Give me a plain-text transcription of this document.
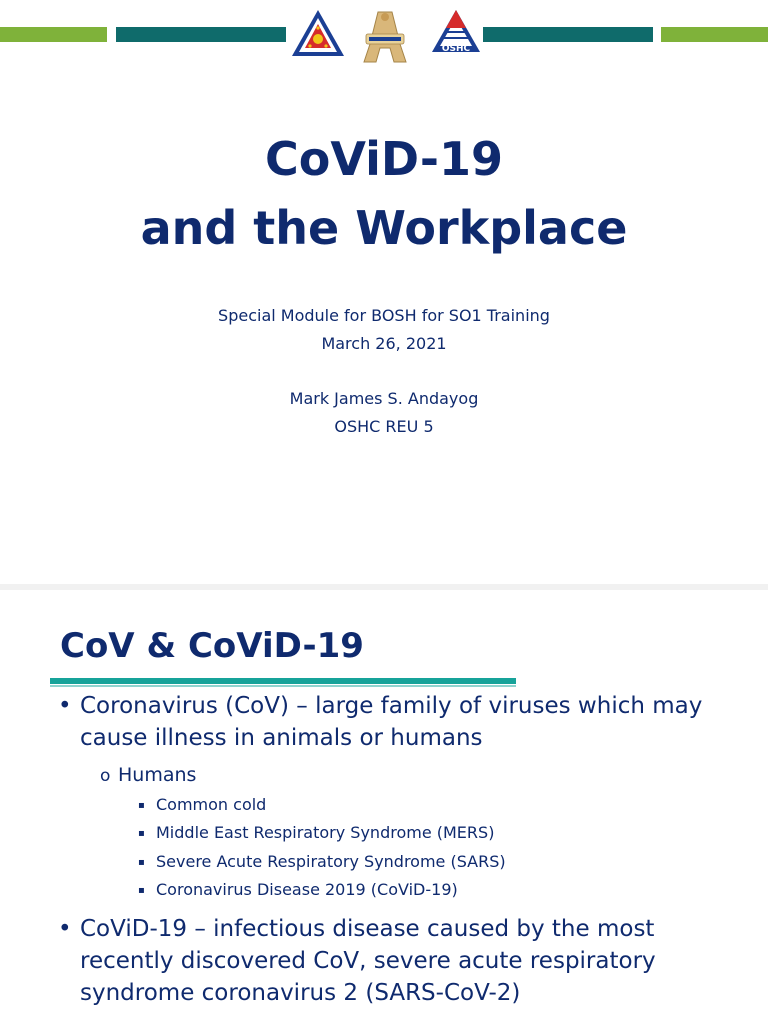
OSHC
CoViD-19
and the Workplace

Special Module for BOSH for SO1 Training

March 26, 2021

Mark James S. Andayog

OSHC REU 5

CoV & CoViD-19
• Coronavirus (CoV) – large family of viruses which may cause illness in animals or humans
o Humans
▪ Common cold
▪ Middle East Respiratory Syndrome (MERS)
▪ Severe Acute Respiratory Syndrome (SARS)
▪ Coronavirus Disease 2019 (CoViD-19)
• CoViD-19 – infectious disease caused by the most recently discovered CoV, severe acute respiratory syndrome coronavirus 2 (SARS-CoV-2)
